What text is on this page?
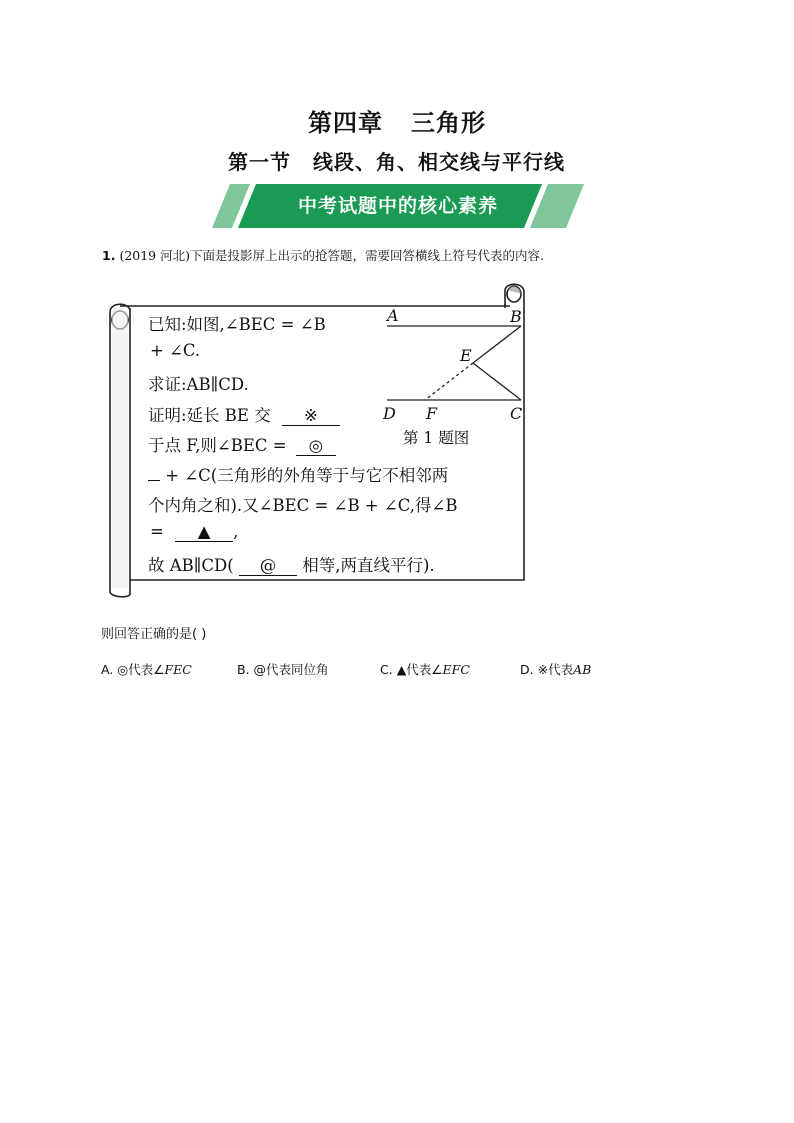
第四章 三角形
第一节 线段、角、相交线与平行线
中考试题中的核心素养
1. (2019 河北)下面是投影屏上出示的抢答题，需要回答横线上符号代表的内容.
A	B
E
D F	C
第 1 题图
已知:如图,∠BEC = ∠B
+ ∠C.
求证:AB∥CD.
证明:延长 BE 交 ※
于点 F,则∠BEC = ◎
+ ∠C(三角形的外角等于与它不相邻两
个内角之和).又∠BEC = ∠B + ∠C,得∠B
= ▲ ,
故 AB∥CD( @ 相等,两直线平行).
则回答正确的是( )
A. ◎代表∠FEC	B. @代表同位角	C. ▲代表∠EFC	D. ※代表AB
